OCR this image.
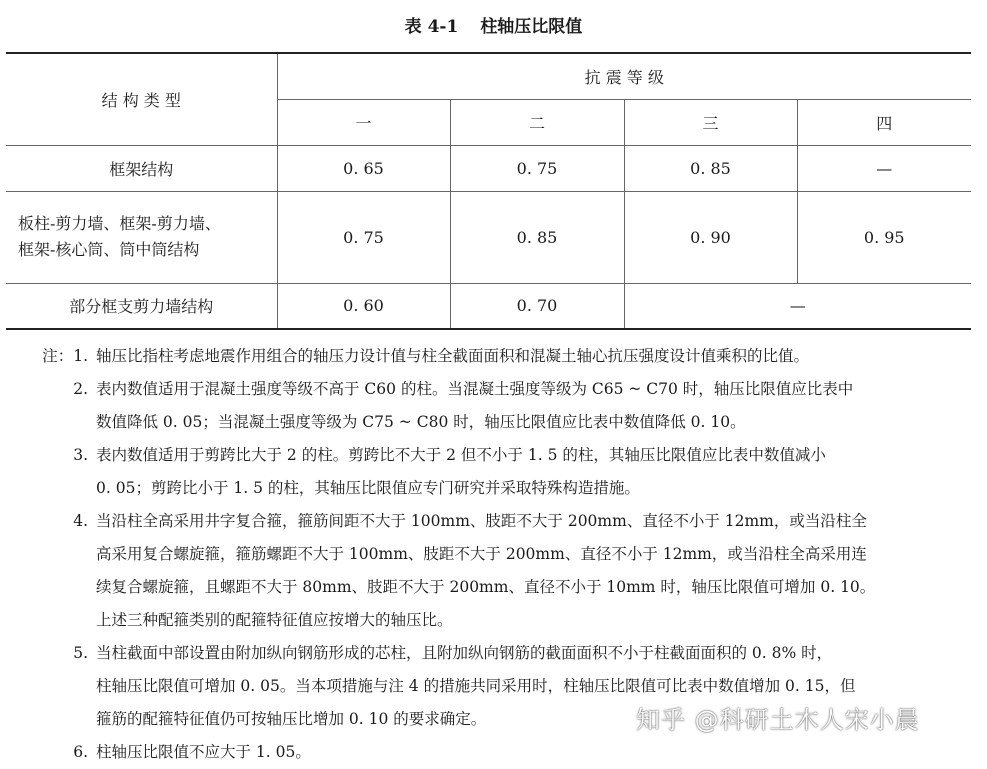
表 4-1 柱轴压比限值
结 构 类 型	抗 震 等 级			
	一	二	三	四
框架结构	0. 65	0. 75	0. 85	—

板柱-剪力墙、框架-剪力墙、
框架-核心筒、筒中筒结构	0. 75	0. 85	0. 90	0. 95
部分框支剪力墙结构	0. 60	0. 70	—	
注：1. 轴压比指柱考虑地震作用组合的轴压力设计值与柱全截面面积和混凝土轴心抗压强度设计值乘积的比值。
2. 表内数值适用于混凝土强度等级不高于 C60 的柱。当混凝土强度等级为 C65 ~ C70 时，轴压比限值应比表中
数值降低 0. 05；当混凝土强度等级为 C75 ~ C80 时，轴压比限值应比表中数值降低 0. 10。
3. 表内数值适用于剪跨比大于 2 的柱。剪跨比不大于 2 但不小于 1. 5 的柱，其轴压比限值应比表中数值减小
0. 05；剪跨比小于 1. 5 的柱，其轴压比限值应专门研究并采取特殊构造措施。
4. 当沿柱全高采用井字复合箍，箍筋间距不大于 100mm、肢距不大于 200mm、直径不小于 12mm，或当沿柱全
高采用复合螺旋箍，箍筋螺距不大于 100mm、肢距不大于 200mm、直径不小于 12mm，或当沿柱全高采用连
续复合螺旋箍，且螺距不大于 80mm、肢距不大于 200mm、直径不小于 10mm 时，轴压比限值可增加 0. 10。
上述三种配箍类别的配箍特征值应按增大的轴压比。
5. 当柱截面中部设置由附加纵向钢筋形成的芯柱，且附加纵向钢筋的截面面积不小于柱截面面积的 0. 8% 时，
柱轴压比限值可增加 0. 05。当本项措施与注 4 的措施共同采用时，柱轴压比限值可比表中数值增加 0. 15，但
箍筋的配箍特征值仍可按轴压比增加 0. 10 的要求确定。
6. 柱轴压比限值不应大于 1. 05。
知乎 @科研土木人宋小晨
